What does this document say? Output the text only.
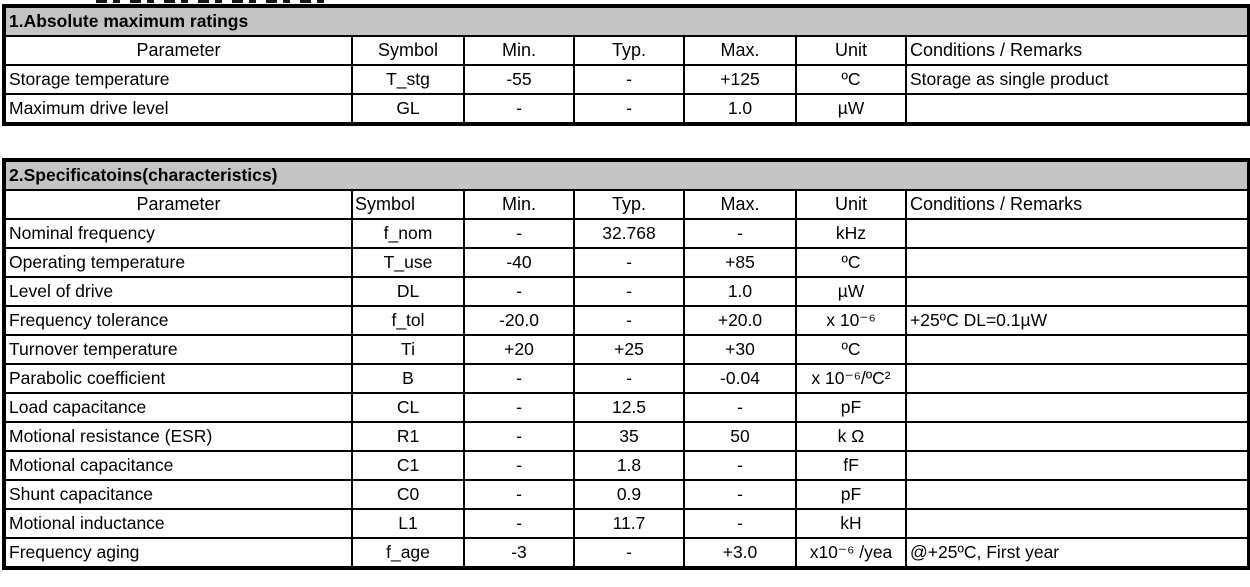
1.Absolute maximum ratings						
Parameter	Symbol	Min.	Typ.	Max.	Unit	Conditions / Remarks
Storage temperature	T_stg	-55	-	+125	ºC	Storage as single product
Maximum drive level	GL	-	-	1.0	µW	
2.Specificatoins(characteristics)						
Parameter	Symbol	Min.	Typ.	Max.	Unit	Conditions / Remarks
Nominal frequency	f_nom	-	32.768	-	kHz	
Operating temperature	T_use	-40	-	+85	ºC	
Level of drive	DL	-	-	1.0	µW	
Frequency tolerance	f_tol	-20.0	-	+20.0	x 10⁻⁶	+25ºC DL=0.1µW
Turnover temperature	Ti	+20	+25	+30	ºC	
Parabolic coefficient	B	-	-	-0.04	x 10⁻⁶/ºC²	
Load capacitance	CL	-	12.5	-	pF	
Motional resistance (ESR)	R1	-	35	50	k Ω	
Motional capacitance	C1	-	1.8	-	fF	
Shunt capacitance	C0	-	0.9	-	pF	
Motional inductance	L1	-	11.7	-	kH	
Frequency aging	f_age	-3	-	+3.0	x10⁻⁶ /yea	@+25ºC, First year
